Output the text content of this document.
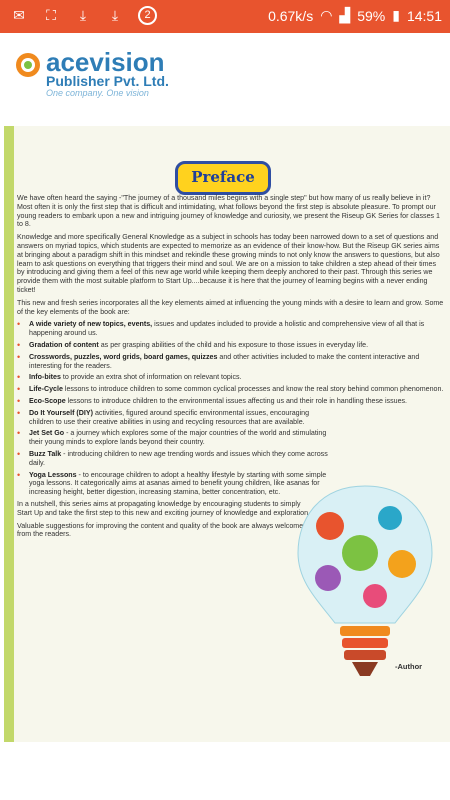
✉ ⛶	⤓	⤓	2	0.67k/s ◠ ▟ 59% ▮ 14:51
acevision
Publisher Pvt. Ltd.
One company. One vision
Preface

We have often heard the saying -"The journey of a thousand miles begins with a single step" but how many of us really believe in it? Most often it is only the first step that is difficult and intimidating, what follows beyond the first step is absolute pleasure. To prompt our young readers to embark upon a new and intriguing journey of knowledge and curiosity, we present the Riseup GK Series for classes 1 to 8.

Knowledge and more specifically General Knowledge as a subject in schools has today been narrowed down to a set of questions and answers on myriad topics, which students are expected to memorize as an evidence of their know-how. But the Riseup GK series aims at bringing about a paradigm shift in this mindset and rekindle these growing minds to not only know the answers to questions, but also learn to ask questions on everything that triggers their mind and soul. We are on a mission to take children a step ahead of their times by introducing and giving them a feel of this new age world while keeping them deeply anchored to their past. Through this series we provide them with the most suitable platform to Start Up....because it is here that the journey of learning begins with a never ending ticket!

This new and fresh series incorporates all the key elements aimed at influencing the young minds with a desire to learn and grow. Some of the key elements of the book are:

• A wide variety of new topics, events, issues and updates included to provide a holistic and comprehensive view of all that is happening around us.
• Gradation of content as per grasping abilities of the child and his exposure to those issues in everyday life.
• Crosswords, puzzles, word grids, board games, quizzes and other activities included to make the content interactive and interesting for the readers.
• Info-bites to provide an extra shot of information on relevant topics.
• Life-Cycle lessons to introduce children to some common cyclical processes and know the real story behind common phenomenon.
• Eco-Scope lessons to introduce children to the environmental issues affecting us and their role in handling these issues.
• Do It Yourself (DIY) activities, figured around specific environmental issues, encouraging children to use their creative abilities in using and recycling resources that are available.
• Jet Set Go - a journey which explores some of the major countries of the world and stimulating their young minds to explore lands beyond their country.
• Buzz Talk - introducing children to new age trending words and issues which they come across daily.
• Yoga Lessons - to encourage children to adopt a healthy lifestyle by starting with some simple yoga lessons. It categorically aims at asanas aimed to benefit young children, like asanas for increasing height, better digestion, increasing stamina, better concentration, etc.

In a nutshell, this series aims at propagating knowledge by encouraging students to simply Start Up and take the first step to this new and exciting journey of knowledge and exploration.

Valuable suggestions for improving the content and quality of the book are always welcome from the readers.

-Author
